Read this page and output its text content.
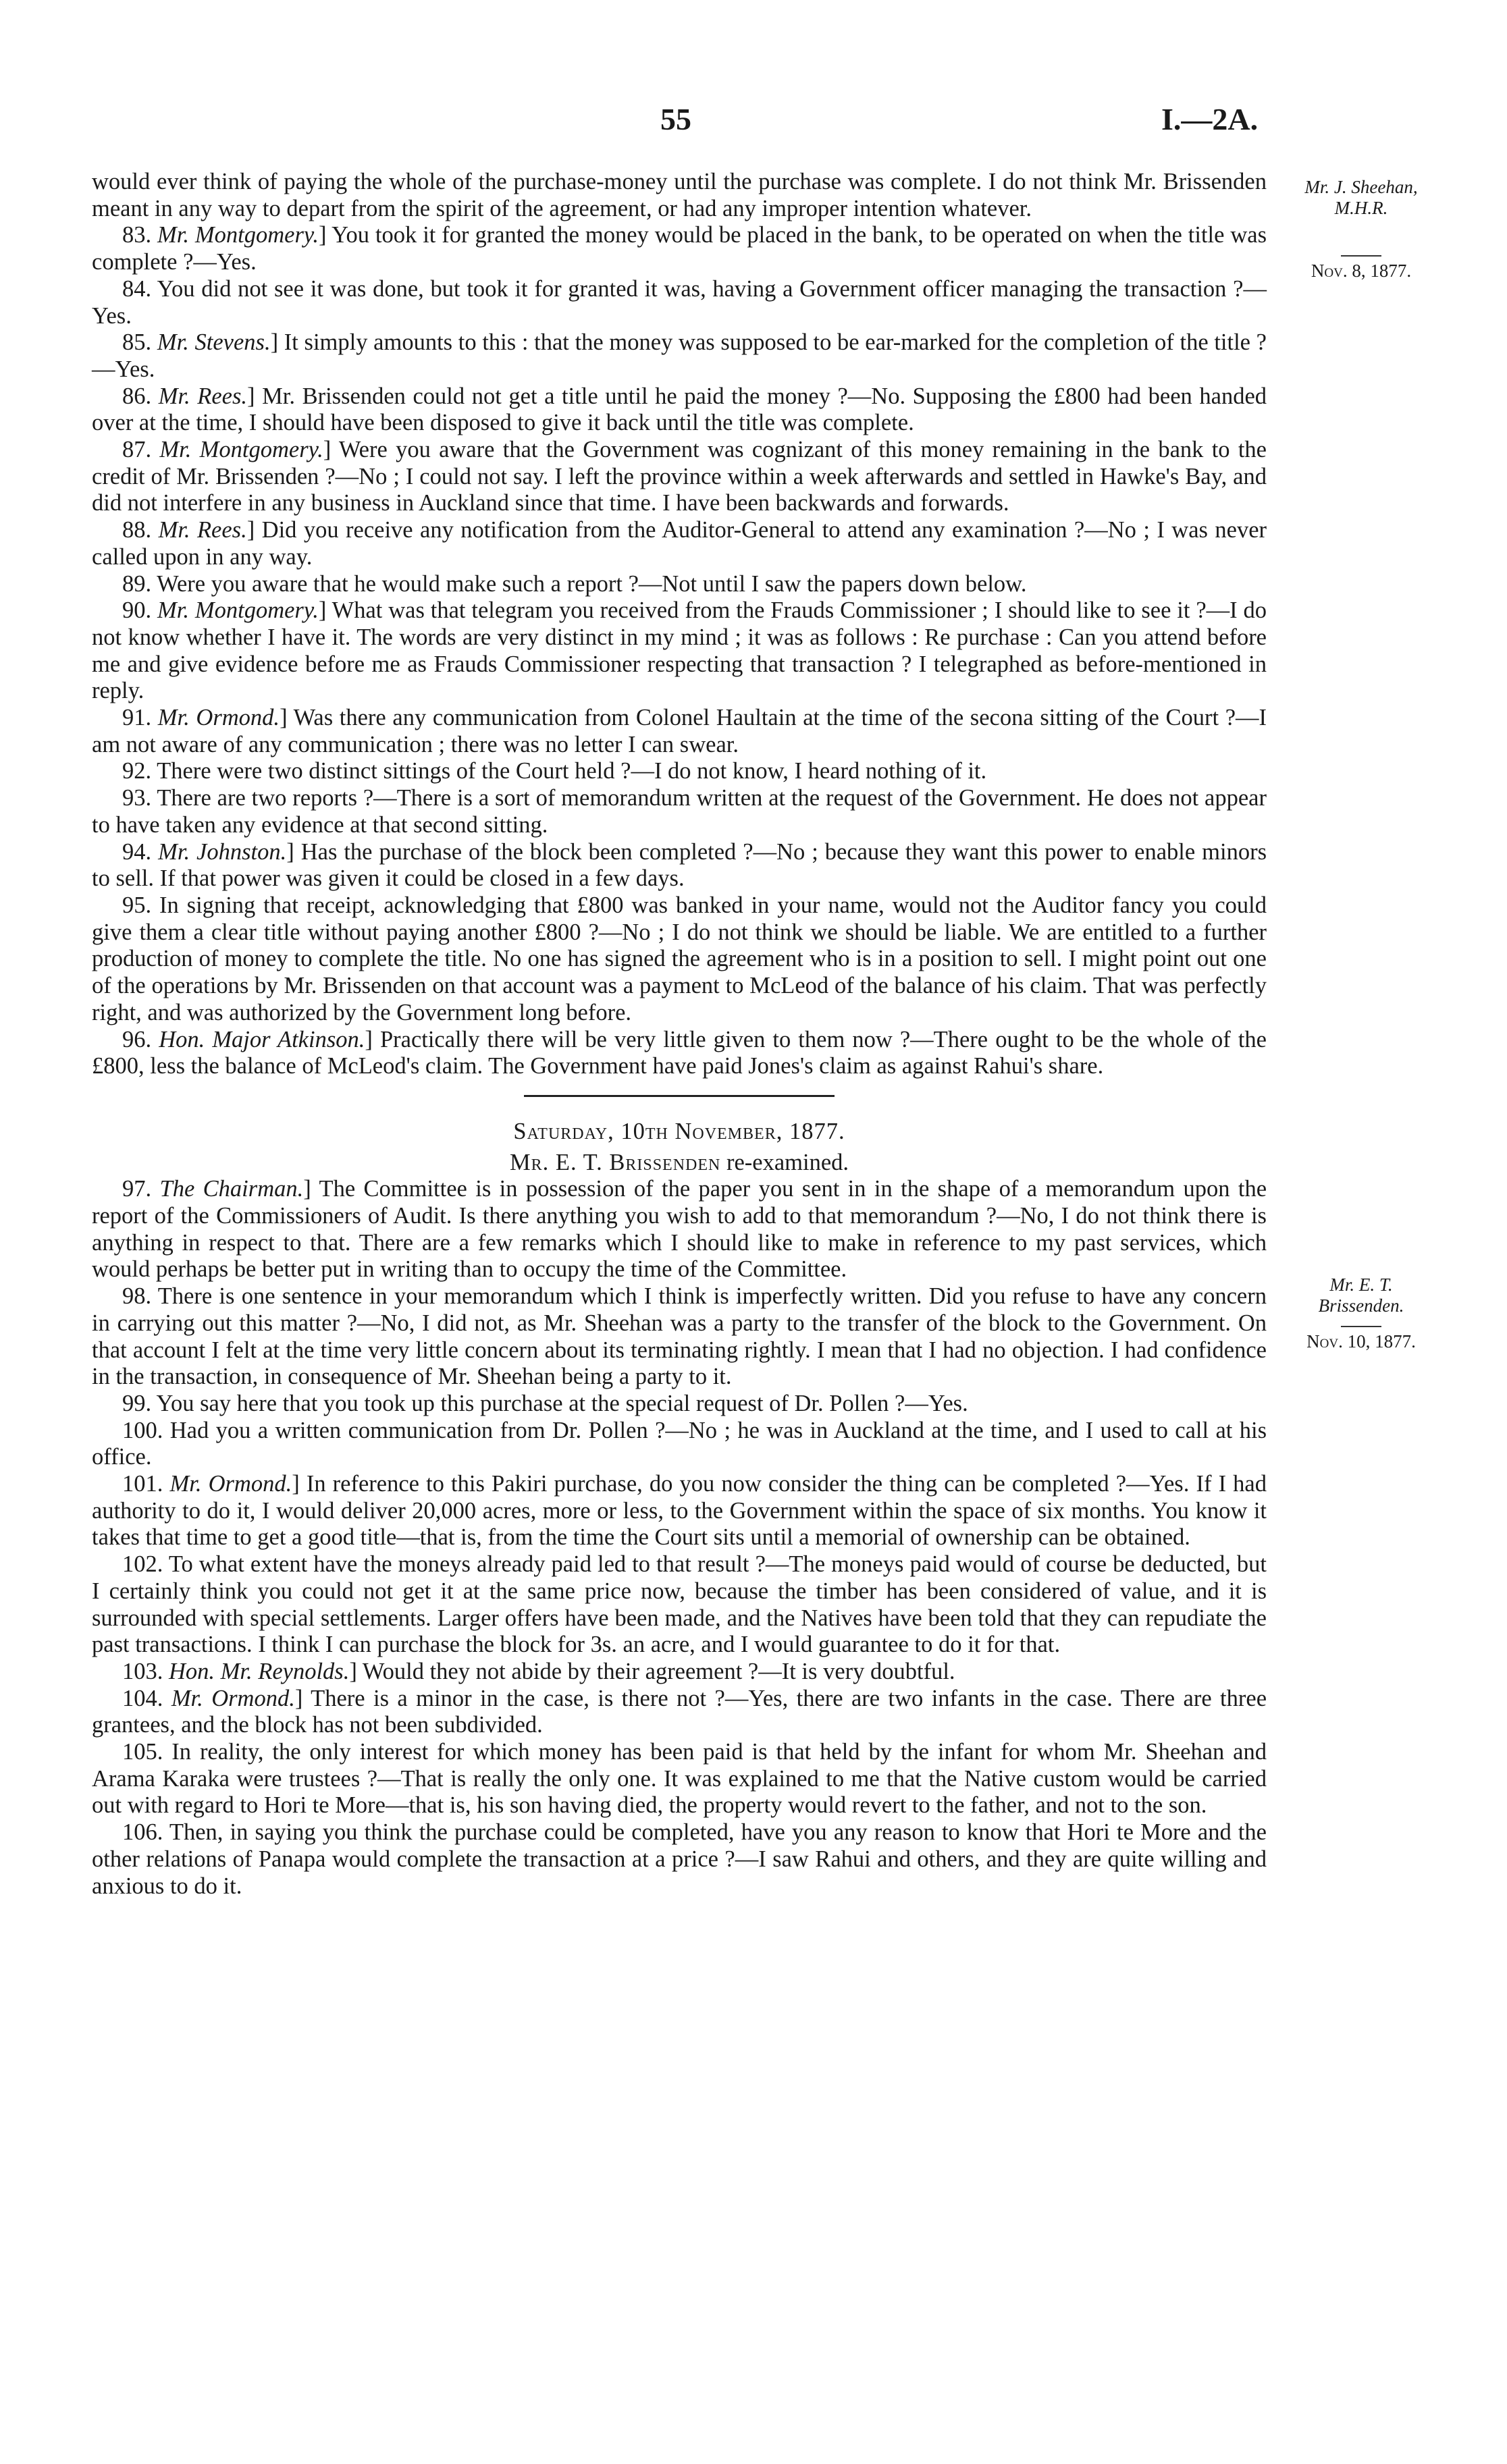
55	I.—2A.
Mr. J. Sheehan, M.H.R.
Nov. 8, 1877.
Mr. E. T. Brissenden.
Nov. 10, 1877.

would ever think of paying the whole of the purchase-money until the purchase was complete. I do not think Mr. Brissenden meant in any way to depart from the spirit of the agreement, or had any improper intention whatever.

83. Mr. Montgomery.] You took it for granted the money would be placed in the bank, to be operated on when the title was complete ?—Yes.

84. You did not see it was done, but took it for granted it was, having a Government officer managing the transaction ?—Yes.

85. Mr. Stevens.] It simply amounts to this : that the money was supposed to be ear-marked for the completion of the title ?—Yes.

86. Mr. Rees.] Mr. Brissenden could not get a title until he paid the money ?—No. Supposing the £800 had been handed over at the time, I should have been disposed to give it back until the title was complete.

87. Mr. Montgomery.] Were you aware that the Government was cognizant of this money remaining in the bank to the credit of Mr. Brissenden ?—No ; I could not say. I left the province within a week afterwards and settled in Hawke's Bay, and did not interfere in any business in Auckland since that time. I have been backwards and forwards.

88. Mr. Rees.] Did you receive any notification from the Auditor-General to attend any examination ?—No ; I was never called upon in any way.

89. Were you aware that he would make such a report ?—Not until I saw the papers down below.

90. Mr. Montgomery.] What was that telegram you received from the Frauds Commissioner ; I should like to see it ?—I do not know whether I have it. The words are very distinct in my mind ; it was as follows : Re purchase : Can you attend before me and give evidence before me as Frauds Commissioner respecting that transaction ? I telegraphed as before-mentioned in reply.

91. Mr. Ormond.] Was there any communication from Colonel Haultain at the time of the secona sitting of the Court ?—I am not aware of any communication ; there was no letter I can swear.

92. There were two distinct sittings of the Court held ?—I do not know, I heard nothing of it.

93. There are two reports ?—There is a sort of memorandum written at the request of the Government. He does not appear to have taken any evidence at that second sitting.

94. Mr. Johnston.] Has the purchase of the block been completed ?—No ; because they want this power to enable minors to sell. If that power was given it could be closed in a few days.

95. In signing that receipt, acknowledging that £800 was banked in your name, would not the Auditor fancy you could give them a clear title without paying another £800 ?—No ; I do not think we should be liable. We are entitled to a further production of money to complete the title. No one has signed the agreement who is in a position to sell. I might point out one of the operations by Mr. Brissenden on that account was a payment to McLeod of the balance of his claim. That was perfectly right, and was authorized by the Government long before.

96. Hon. Major Atkinson.] Practically there will be very little given to them now ?—There ought to be the whole of the £800, less the balance of McLeod's claim. The Government have paid Jones's claim as against Rahui's share.

Saturday, 10th November, 1877.

Mr. E. T. Brissenden re-examined.

97. The Chairman.] The Committee is in possession of the paper you sent in in the shape of a memorandum upon the report of the Commissioners of Audit. Is there anything you wish to add to that memorandum ?—No, I do not think there is anything in respect to that. There are a few remarks which I should like to make in reference to my past services, which would perhaps be better put in writing than to occupy the time of the Committee.

98. There is one sentence in your memorandum which I think is imperfectly written. Did you refuse to have any concern in carrying out this matter ?—No, I did not, as Mr. Sheehan was a party to the transfer of the block to the Government. On that account I felt at the time very little concern about its terminating rightly. I mean that I had no objection. I had confidence in the transaction, in consequence of Mr. Sheehan being a party to it.

99. You say here that you took up this purchase at the special request of Dr. Pollen ?—Yes.

100. Had you a written communication from Dr. Pollen ?—No ; he was in Auckland at the time, and I used to call at his office.

101. Mr. Ormond.] In reference to this Pakiri purchase, do you now consider the thing can be completed ?—Yes. If I had authority to do it, I would deliver 20,000 acres, more or less, to the Government within the space of six months. You know it takes that time to get a good title—that is, from the time the Court sits until a memorial of ownership can be obtained.

102. To what extent have the moneys already paid led to that result ?—The moneys paid would of course be deducted, but I certainly think you could not get it at the same price now, because the timber has been considered of value, and it is surrounded with special settlements. Larger offers have been made, and the Natives have been told that they can repudiate the past transactions. I think I can purchase the block for 3s. an acre, and I would guarantee to do it for that.

103. Hon. Mr. Reynolds.] Would they not abide by their agreement ?—It is very doubtful.

104. Mr. Ormond.] There is a minor in the case, is there not ?—Yes, there are two infants in the case. There are three grantees, and the block has not been subdivided.

105. In reality, the only interest for which money has been paid is that held by the infant for whom Mr. Sheehan and Arama Karaka were trustees ?—That is really the only one. It was explained to me that the Native custom would be carried out with regard to Hori te More—that is, his son having died, the property would revert to the father, and not to the son.

106. Then, in saying you think the purchase could be completed, have you any reason to know that Hori te More and the other relations of Panapa would complete the transaction at a price ?—I saw Rahui and others, and they are quite willing and anxious to do it.
